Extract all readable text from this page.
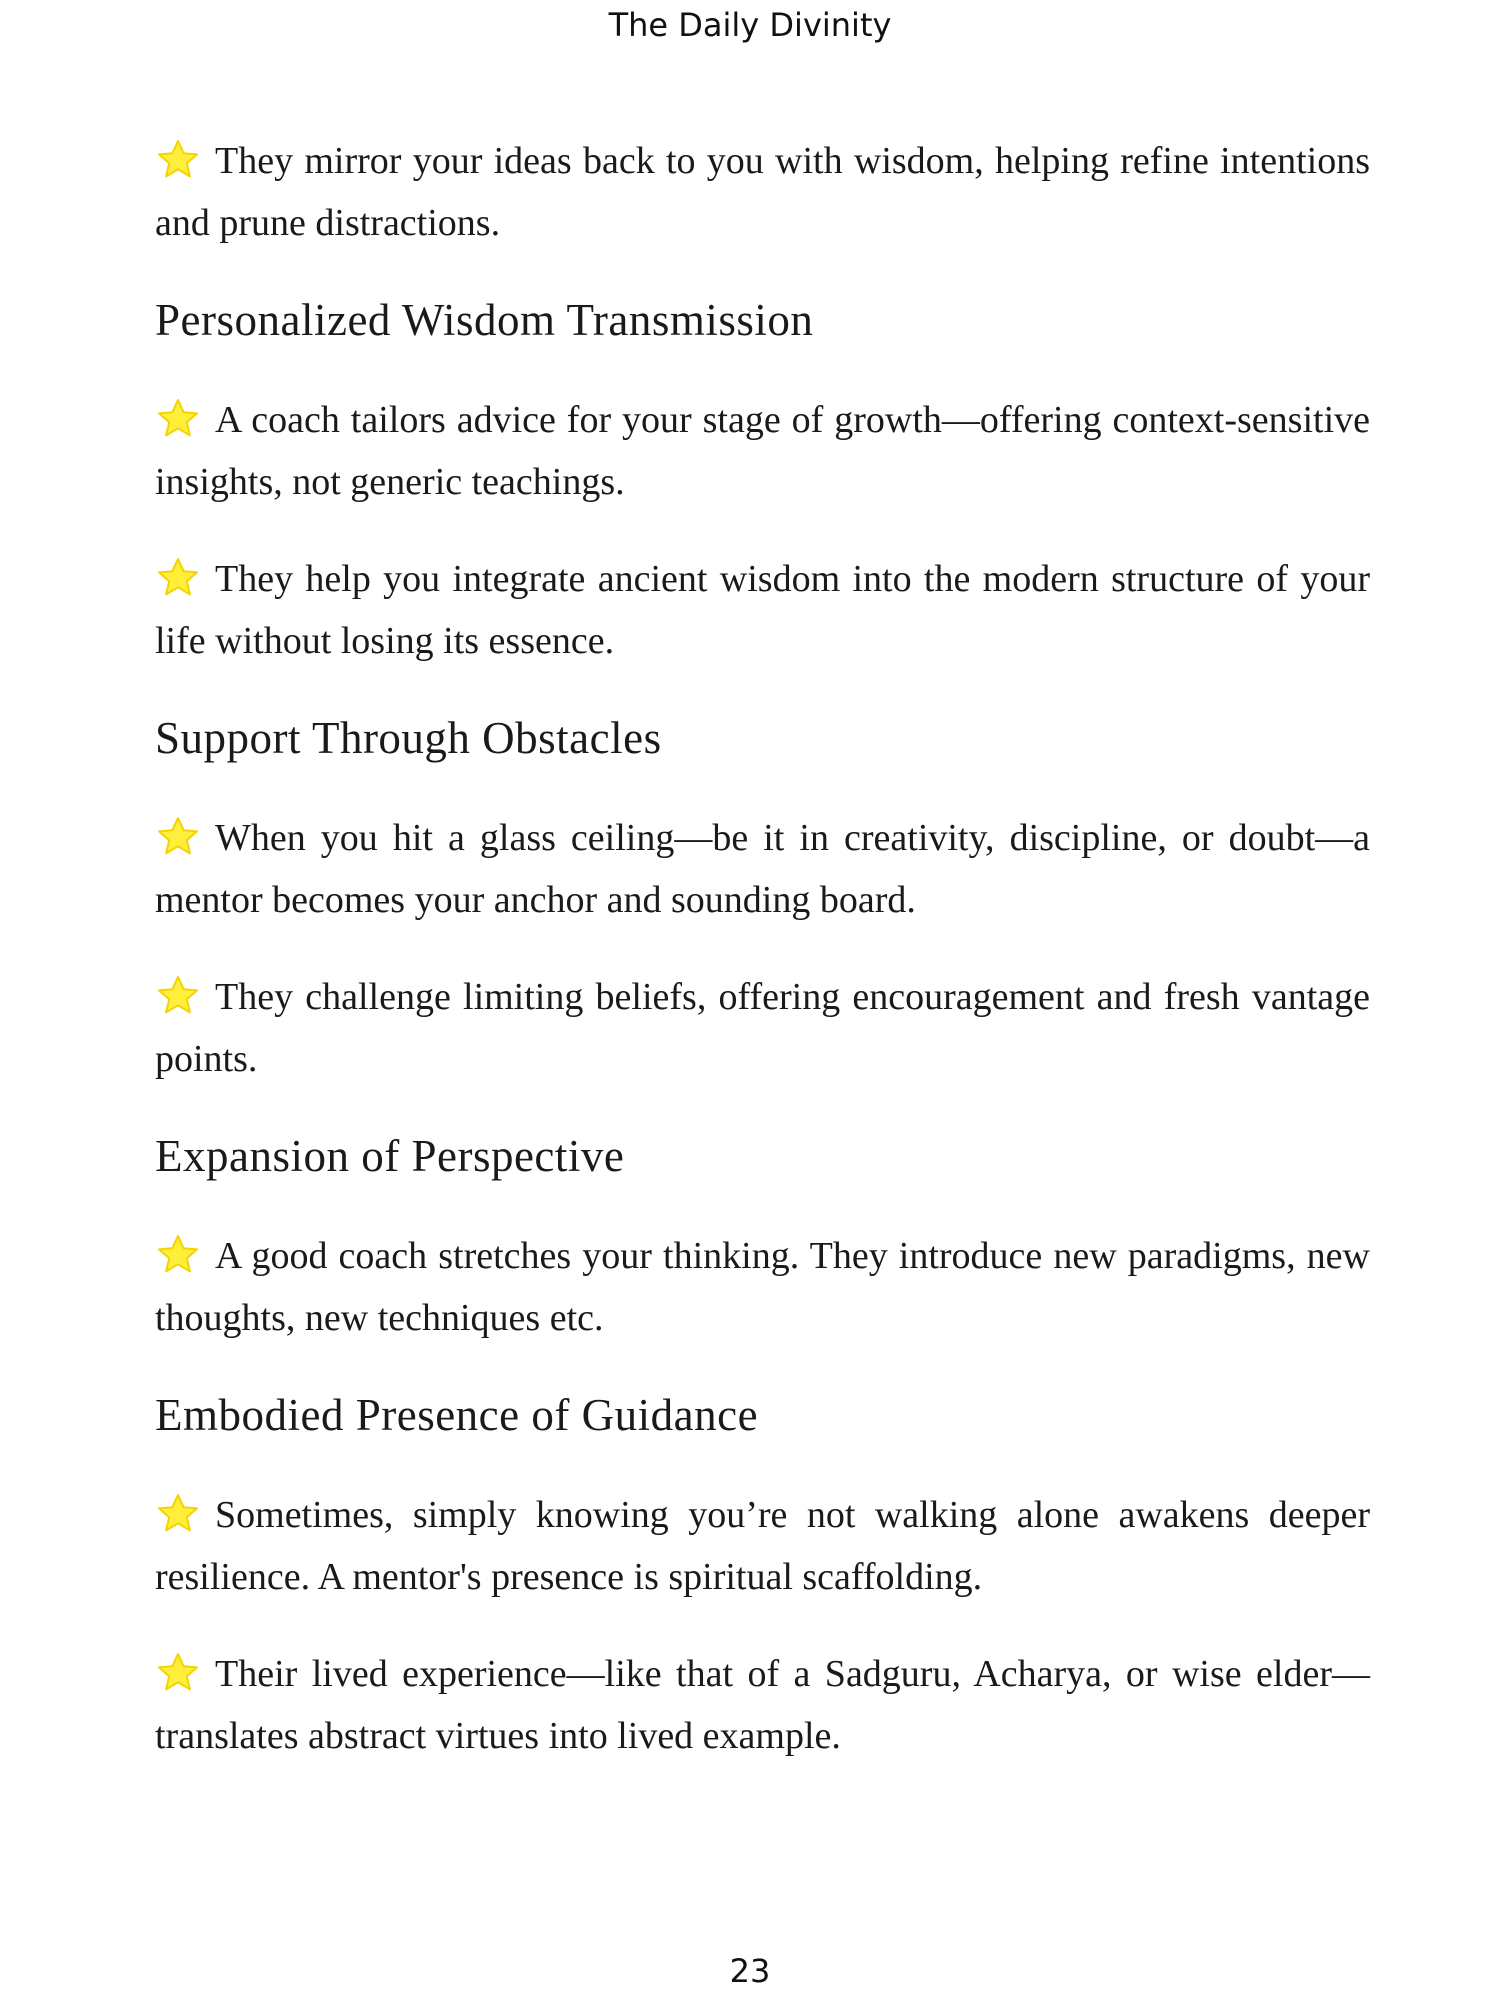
The Daily Divinity
They mirror your ideas back to you with wisdom, helping refine intentions and prune distractions.
Personalized Wisdom Transmission
A coach tailors advice for your stage of growth—offering context-sensitive insights, not generic teachings.
They help you integrate ancient wisdom into the modern structure of your life without losing its essence.
Support Through Obstacles
When you hit a glass ceiling—be it in creativity, discipline, or doubt—a mentor becomes your anchor and sounding board.
They challenge limiting beliefs, offering encouragement and fresh vantage points.
Expansion of Perspective
A good coach stretches your thinking. They introduce new paradigms, new thoughts, new techniques etc.
Embodied Presence of Guidance
Sometimes, simply knowing you’re not walking alone awakens deeper resilience. A mentor's presence is spiritual scaffolding.
Their lived experience—like that of a Sadguru, Acharya, or wise elder—translates abstract virtues into lived example.
23
